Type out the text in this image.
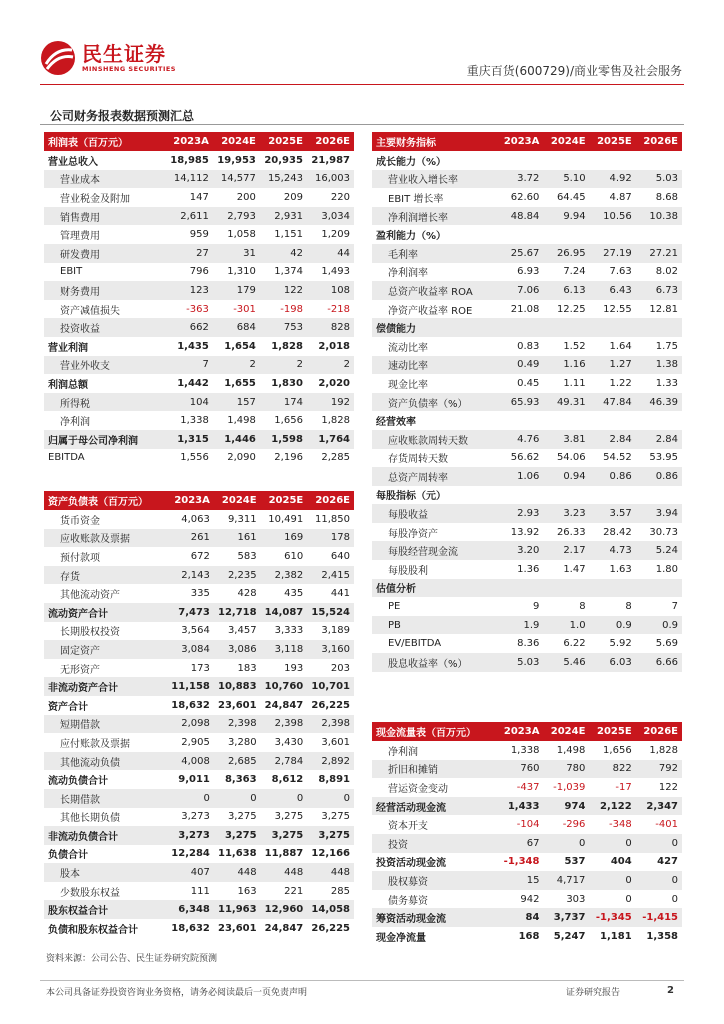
民生证券
MINSHENG SECURITIES	重庆百货(600729)/商业零售及社会服务
公司财务报表数据预测汇总
利润表（百万元）	2023A	2024E	2025E	2026E
营业总收入	18,985	19,953	20,935	21,987
营业成本	14,112	14,577	15,243	16,003
营业税金及附加	147	200	209	220
销售费用	2,611	2,793	2,931	3,034
管理费用	959	1,058	1,151	1,209
研发费用	27	31	42	44
EBIT	796	1,310	1,374	1,493
财务费用	123	179	122	108
资产减值损失	-363	-301	-198	-218
投资收益	662	684	753	828
营业利润	1,435	1,654	1,828	2,018
营业外收支	7	2	2	2
利润总额	1,442	1,655	1,830	2,020
所得税	104	157	174	192
净利润	1,338	1,498	1,656	1,828
归属于母公司净利润	1,315	1,446	1,598	1,764
EBITDA	1,556	2,090	2,196	2,285
资产负债表（百万元）	2023A	2024E	2025E	2026E
货币资金	4,063	9,311	10,491	11,850
应收账款及票据	261	161	169	178
预付款项	672	583	610	640
存货	2,143	2,235	2,382	2,415
其他流动资产	335	428	435	441
流动资产合计	7,473	12,718	14,087	15,524
长期股权投资	3,564	3,457	3,333	3,189
固定资产	3,084	3,086	3,118	3,160
无形资产	173	183	193	203
非流动资产合计	11,158	10,883	10,760	10,701
资产合计	18,632	23,601	24,847	26,225
短期借款	2,098	2,398	2,398	2,398
应付账款及票据	2,905	3,280	3,430	3,601
其他流动负债	4,008	2,685	2,784	2,892
流动负债合计	9,011	8,363	8,612	8,891
长期借款	0	0	0	0
其他长期负债	3,273	3,275	3,275	3,275
非流动负债合计	3,273	3,275	3,275	3,275
负债合计	12,284	11,638	11,887	12,166
股本	407	448	448	448
少数股东权益	111	163	221	285
股东权益合计	6,348	11,963	12,960	14,058
负债和股东权益合计	18,632	23,601	24,847	26,225
主要财务指标	2023A	2024E	2025E	2026E
成长能力（%）				
营业收入增长率	3.72	5.10	4.92	5.03
EBIT 增长率	62.60	64.45	4.87	8.68
净利润增长率	48.84	9.94	10.56	10.38
盈利能力（%）				
毛利率	25.67	26.95	27.19	27.21
净利润率	6.93	7.24	7.63	8.02
总资产收益率 ROA	7.06	6.13	6.43	6.73
净资产收益率 ROE	21.08	12.25	12.55	12.81
偿债能力				
流动比率	0.83	1.52	1.64	1.75
速动比率	0.49	1.16	1.27	1.38
现金比率	0.45	1.11	1.22	1.33
资产负债率（%）	65.93	49.31	47.84	46.39
经营效率				
应收账款周转天数	4.76	3.81	2.84	2.84
存货周转天数	56.62	54.06	54.52	53.95
总资产周转率	1.06	0.94	0.86	0.86
每股指标（元）				
每股收益	2.93	3.23	3.57	3.94
每股净资产	13.92	26.33	28.42	30.73
每股经营现金流	3.20	2.17	4.73	5.24
每股股利	1.36	1.47	1.63	1.80
估值分析				
PE	9	8	8	7
PB	1.9	1.0	0.9	0.9
EV/EBITDA	8.36	6.22	5.92	5.69
股息收益率（%）	5.03	5.46	6.03	6.66
现金流量表（百万元）	2023A	2024E	2025E	2026E
净利润	1,338	1,498	1,656	1,828
折旧和摊销	760	780	822	792
营运资金变动	-437	-1,039	-17	122
经营活动现金流	1,433	974	2,122	2,347
资本开支	-104	-296	-348	-401
投资	67	0	0	0
投资活动现金流	-1,348	537	404	427
股权募资	15	4,717	0	0
债务募资	942	303	0	0
筹资活动现金流	84	3,737	-1,345	-1,415
现金净流量	168	5,247	1,181	1,358
资料来源：公司公告、民生证券研究院预测
本公司具备证券投资咨询业务资格，请务必阅读最后一页免责声明	证券研究报告	2
